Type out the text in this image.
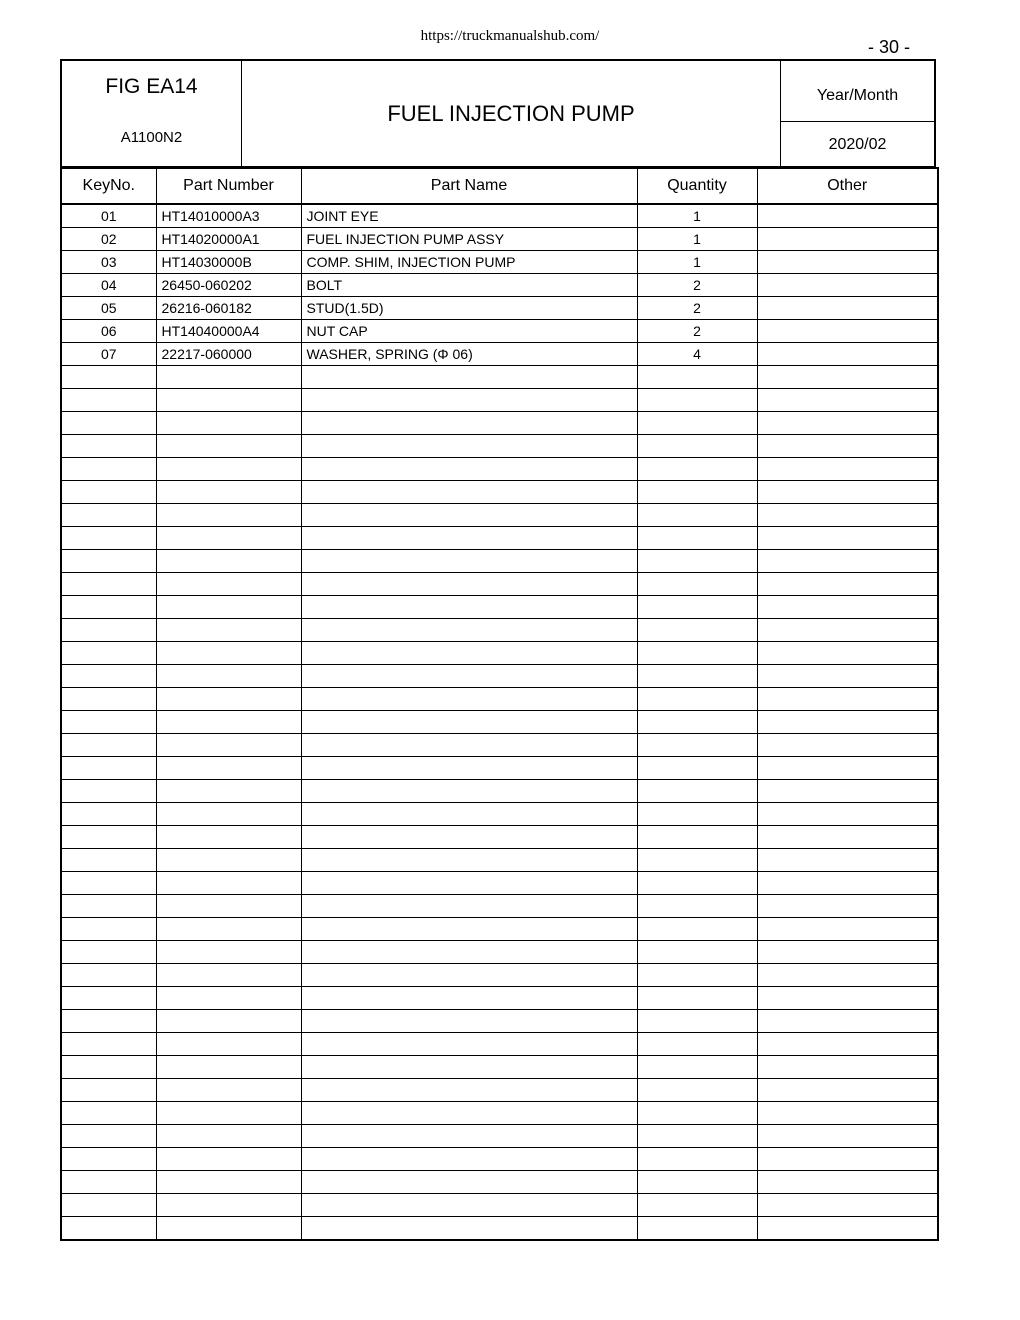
https://truckmanualshub.com/
- 30 -
FIG EA14
A1100N2
FUEL INJECTION PUMP
Year/Month
2020/02
KeyNo.	Part Number	Part Name	Quantity	Other
01	HT14010000A3	JOINT EYE	1	
02	HT14020000A1	FUEL INJECTION PUMP ASSY	1	
03	HT14030000B	COMP. SHIM, INJECTION PUMP	1	
04	26450-060202	BOLT	2	
05	26216-060182	STUD(1.5D)	2	
06	HT14040000A4	NUT CAP	2	
07	22217-060000	WASHER, SPRING (Φ 06)	4	
